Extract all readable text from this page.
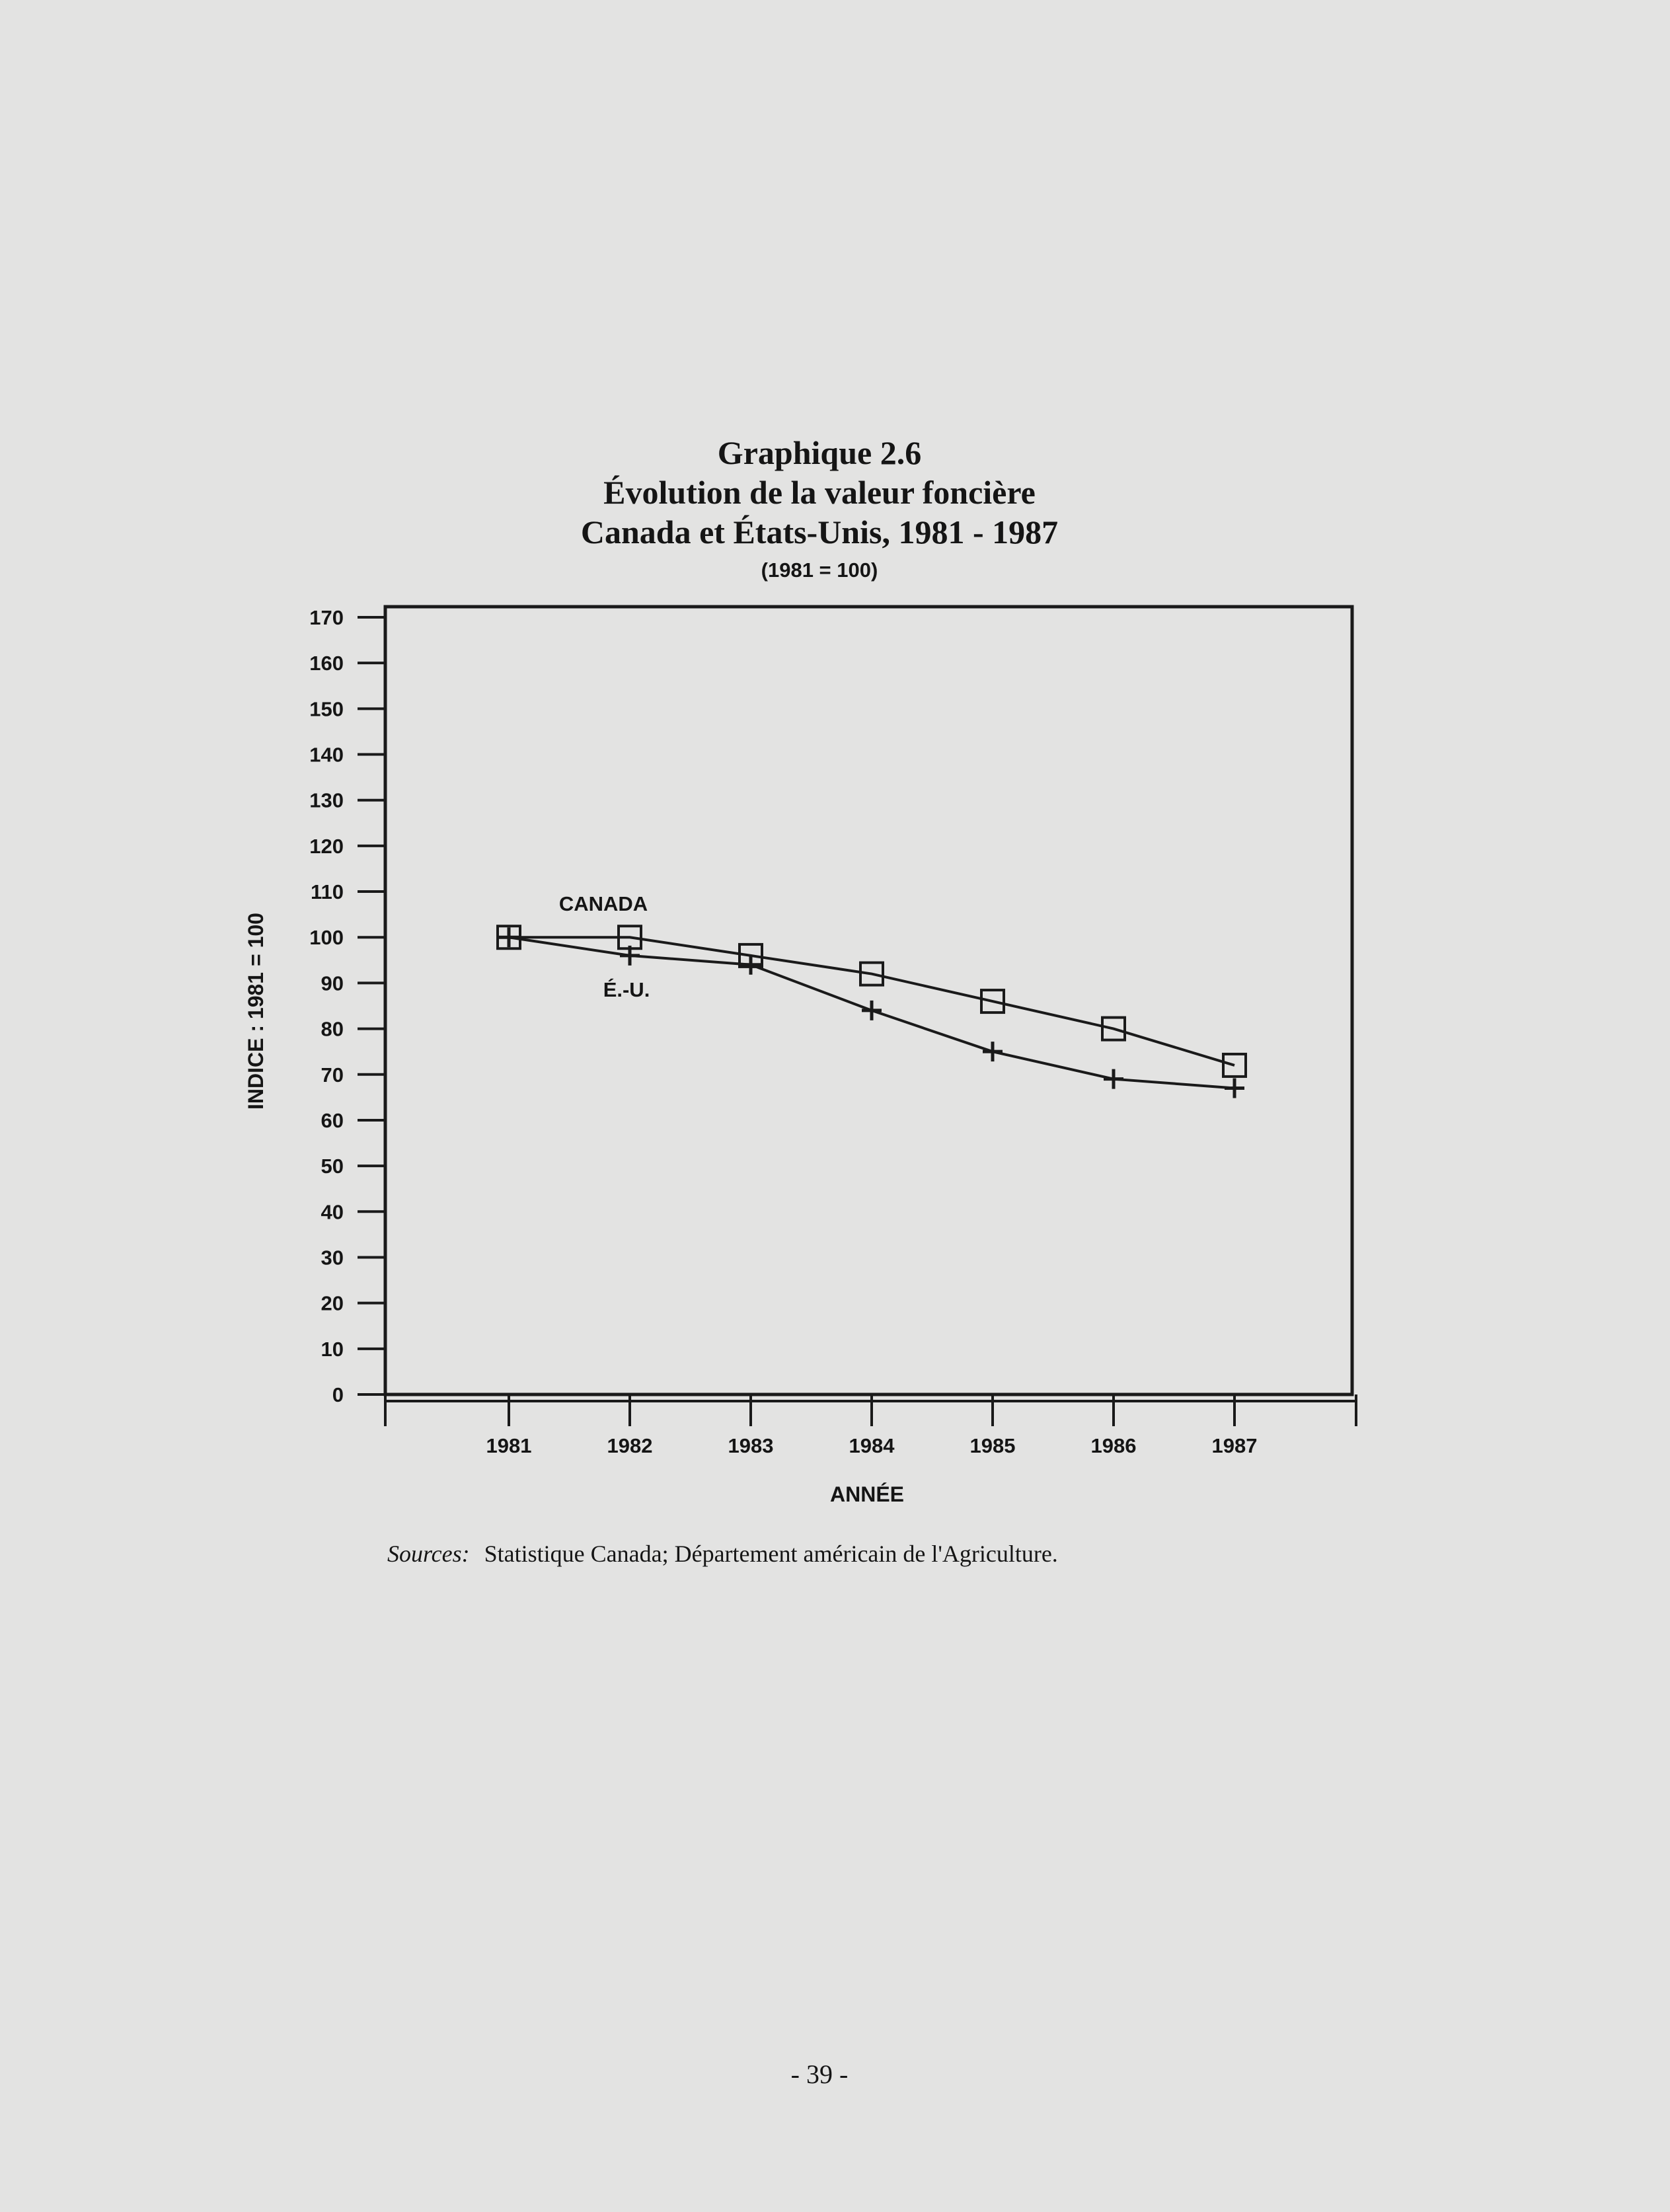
Graphique 2.6
Évolution de la valeur foncière
Canada et États-Unis, 1981 - 1987
(1981 = 100)
0
10
20
30
40
50
60
70
80
90
100
110
120
130
140
150
160
170
1981	1982	1983	1984	1985	1986	1987
CANADA
É.-U.
INDICE : 1981 = 100
ANNÉE
Sources: Statistique Canada; Département américain de l'Agriculture.
- 39 -
